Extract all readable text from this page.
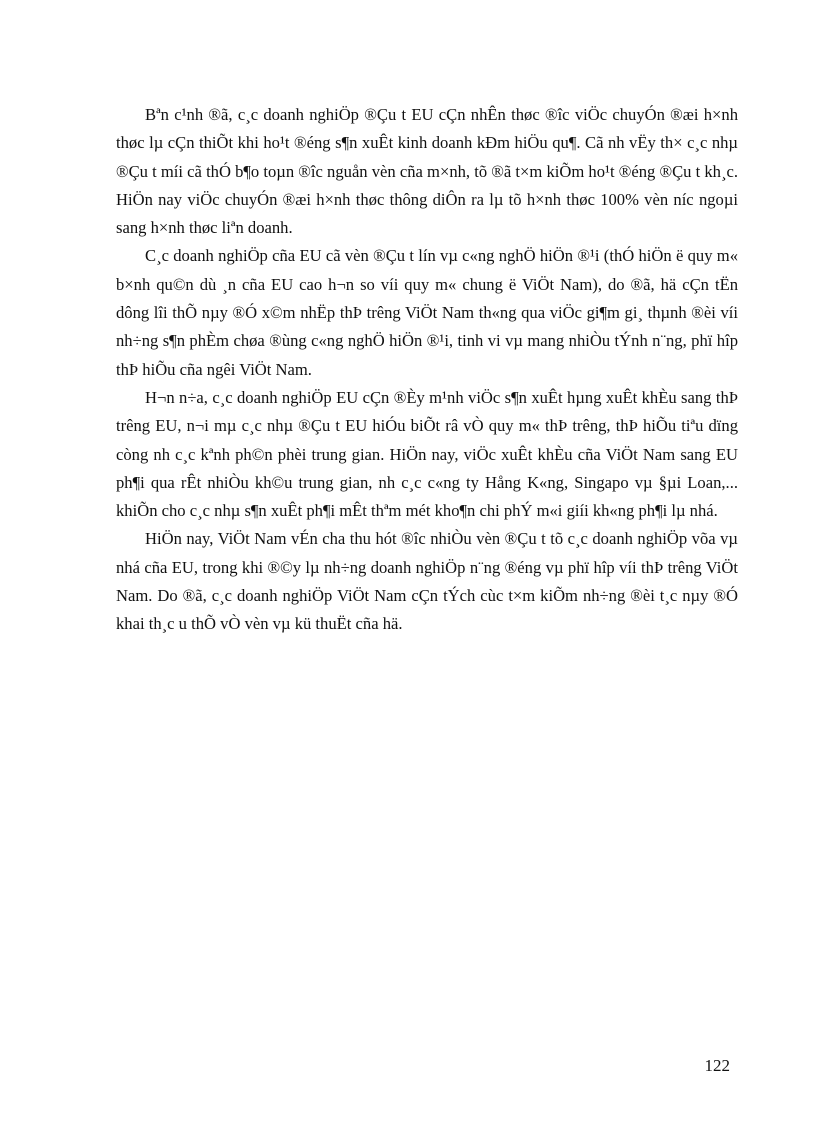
Bªn c¹nh ®ã, c¸c doanh nghiÖp ®Çu t EU cÇn nhÊn thøc ®îc viÖc chuyÓn ®æi h×nh thøc lµ cÇn thiÕt khi ho¹t ®éng s¶n xuÊt kinh doanh kÐm hiÖu qu¶. Cã nh vËy th× c¸c nhµ ®Çu t míi cã thÓ b¶o toµn ®îc nguån vèn cña m×nh, tõ ®ã t×m kiÕm ho¹t ®éng ®Çu t kh¸c. HiÖn nay viÖc chuyÓn ®æi h×nh thøc thông diÔn ra lµ tõ h×nh thøc 100% vèn níc ngoµi sang h×nh thøc liªn doanh.

C¸c doanh nghiÖp cña EU cã vèn ®Çu t lín vµ c«ng nghÖ hiÖn ®¹i (thÓ hiÖn ë quy m« b×nh qu©n dù ¸n cña EU cao h¬n so víi quy m« chung ë ViÖt Nam), do ®ã, hä cÇn tËn dông lîi thÕ nµy ®Ó x©m nhËp thÞ trêng ViÖt Nam th«ng qua viÖc gi¶m gi¸ thµnh ®èi víi nh÷ng s¶n phÈm chøa ®ùng c«ng nghÖ hiÖn ®¹i, tinh vi vµ mang nhiÒu tÝnh n¨ng, phï hîp thÞ hiÕu cña ngêi ViÖt Nam.

H¬n n÷a, c¸c doanh nghiÖp EU cÇn ®Èy m¹nh viÖc s¶n xuÊt hµng xuÊt khÈu sang thÞ trêng EU, n¬i mµ c¸c nhµ ®Çu t EU hiÓu biÕt râ vÒ quy m« thÞ trêng, thÞ hiÕu tiªu dïng còng nh c¸c kªnh ph©n phèi trung gian. HiÖn nay, viÖc xuÊt khÈu cña ViÖt Nam sang EU ph¶i qua rÊt nhiÒu kh©u trung gian, nh c¸c c«ng ty Hång K«ng, Singapo vµ §µi Loan,... khiÕn cho c¸c nhµ s¶n xuÊt ph¶i mÊt thªm mét kho¶n chi phÝ m«i giíi kh«ng ph¶i lµ nhá.

HiÖn nay, ViÖt Nam vÉn cha thu hót ®îc nhiÒu vèn ®Çu t tõ c¸c doanh nghiÖp võa vµ nhá cña EU, trong khi ®©y lµ nh÷ng doanh nghiÖp n¨ng ®éng vµ phï hîp víi thÞ trêng ViÖt Nam. Do ®ã, c¸c doanh nghiÖp ViÖt Nam cÇn tÝch cùc t×m kiÕm nh÷ng ®èi t¸c nµy ®Ó khai th¸c u thÕ vÒ vèn vµ kü thuËt cña hä.

122
